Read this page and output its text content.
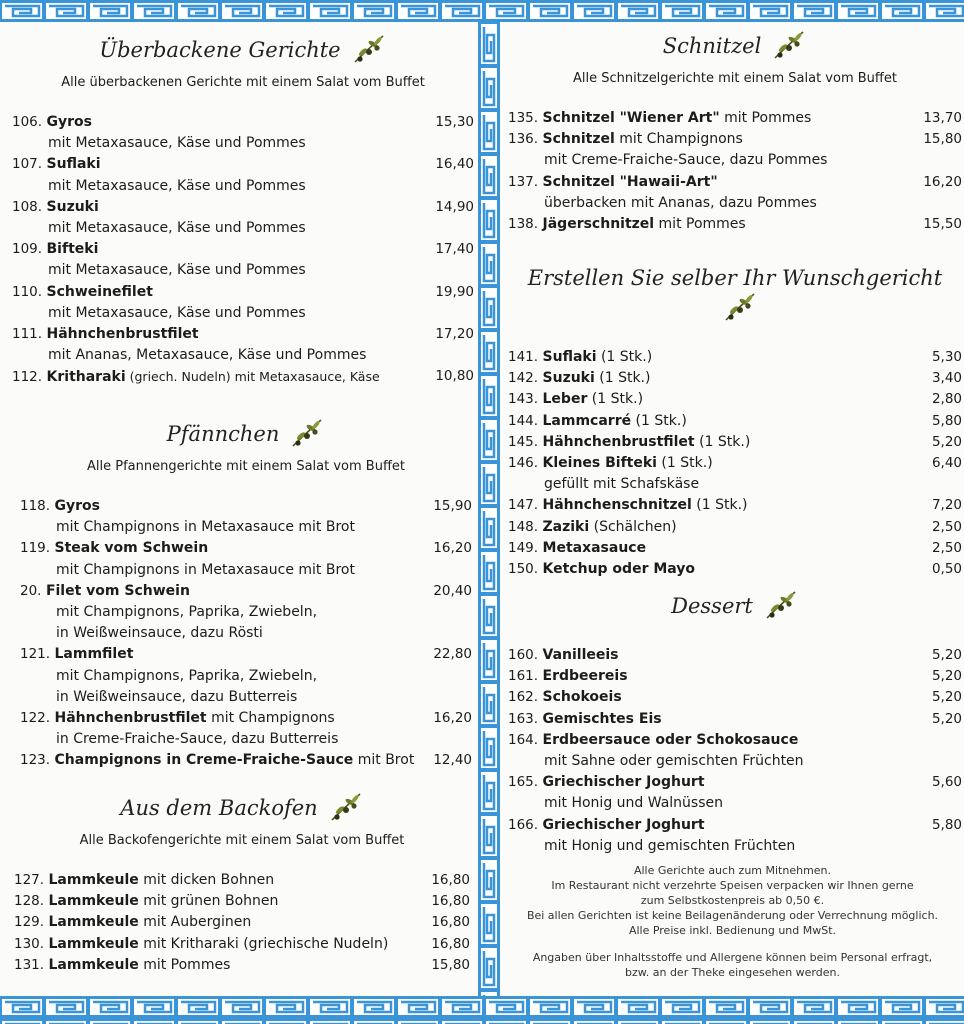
Überbackene Gerichte
Alle überbackenen Gerichte mit einem Salat vom Buffet
106. Gyros	15,30
mit Metaxasauce, Käse und Pommes
107. Suflaki	16,40
mit Metaxasauce, Käse und Pommes
108. Suzuki	14,90
mit Metaxasauce, Käse und Pommes
109. Bifteki	17,40
mit Metaxasauce, Käse und Pommes
110. Schweinefilet	19,90
mit Metaxasauce, Käse und Pommes
111. Hähnchenbrustfilet	17,20
mit Ananas, Metaxasauce, Käse und Pommes
112. Kritharaki (griech. Nudeln) mit Metaxasauce, Käse	10,80
Pfännchen
Alle Pfannengerichte mit einem Salat vom Buffet
118. Gyros	15,90
mit Champignons in Metaxasauce mit Brot
119. Steak vom Schwein	16,20
mit Champignons in Metaxasauce mit Brot
20. Filet vom Schwein	20,40
mit Champignons, Paprika, Zwiebeln,
in Weißweinsauce, dazu Rösti
121. Lammfilet	22,80
mit Champignons, Paprika, Zwiebeln,
in Weißweinsauce, dazu Butterreis
122. Hähnchenbrustfilet mit Champignons	16,20
in Creme-Fraiche-Sauce, dazu Butterreis
123. Champignons in Creme-Fraiche-Sauce mit Brot 12,40
Aus dem Backofen
Alle Backofengerichte mit einem Salat vom Buffet
127. Lammkeule mit dicken Bohnen	16,80
128. Lammkeule mit grünen Bohnen	16,80
129. Lammkeule mit Auberginen	16,80
130. Lammkeule mit Kritharaki (griechische Nudeln)	16,80
131. Lammkeule mit Pommes	15,80
Schnitzel
Alle Schnitzelgerichte mit einem Salat vom Buffet
135. Schnitzel "Wiener Art" mit Pommes	13,70
136. Schnitzel mit Champignons	15,80
mit Creme-Fraiche-Sauce, dazu Pommes
137. Schnitzel "Hawaii-Art"	16,20
überbacken mit Ananas, dazu Pommes
138. Jägerschnitzel mit Pommes	15,50
Erstellen Sie selber Ihr Wunschgericht
141. Suflaki (1 Stk.)	5,30
142. Suzuki (1 Stk.)	3,40
143. Leber (1 Stk.)	2,80
144. Lammcarré (1 Stk.)	5,80
145. Hähnchenbrustfilet (1 Stk.)	5,20
146. Kleines Bifteki (1 Stk.)	6,40
gefüllt mit Schafskäse
147. Hähnchenschnitzel (1 Stk.)	7,20
148. Zaziki (Schälchen)	2,50
149. Metaxasauce	2,50
150. Ketchup oder Mayo	0,50
Dessert
160. Vanilleeis	5,20
161. Erdbeereis	5,20
162. Schokoeis	5,20
163. Gemischtes Eis	5,20
164. Erdbeersauce oder Schokosauce
mit Sahne oder gemischten Früchten
165. Griechischer Joghurt	5,60
mit Honig und Walnüssen
166. Griechischer Joghurt	5,80
mit Honig und gemischten Früchten
Alle Gerichte auch zum Mitnehmen.
Im Restaurant nicht verzehrte Speisen verpacken wir Ihnen gerne
zum Selbstkostenpreis ab 0,50 €.
Bei allen Gerichten ist keine Beilagenänderung oder Verrechnung möglich.
Alle Preise inkl. Bedienung und MwSt.
Angaben über Inhaltsstoffe und Allergene können beim Personal erfragt,
bzw. an der Theke eingesehen werden.
